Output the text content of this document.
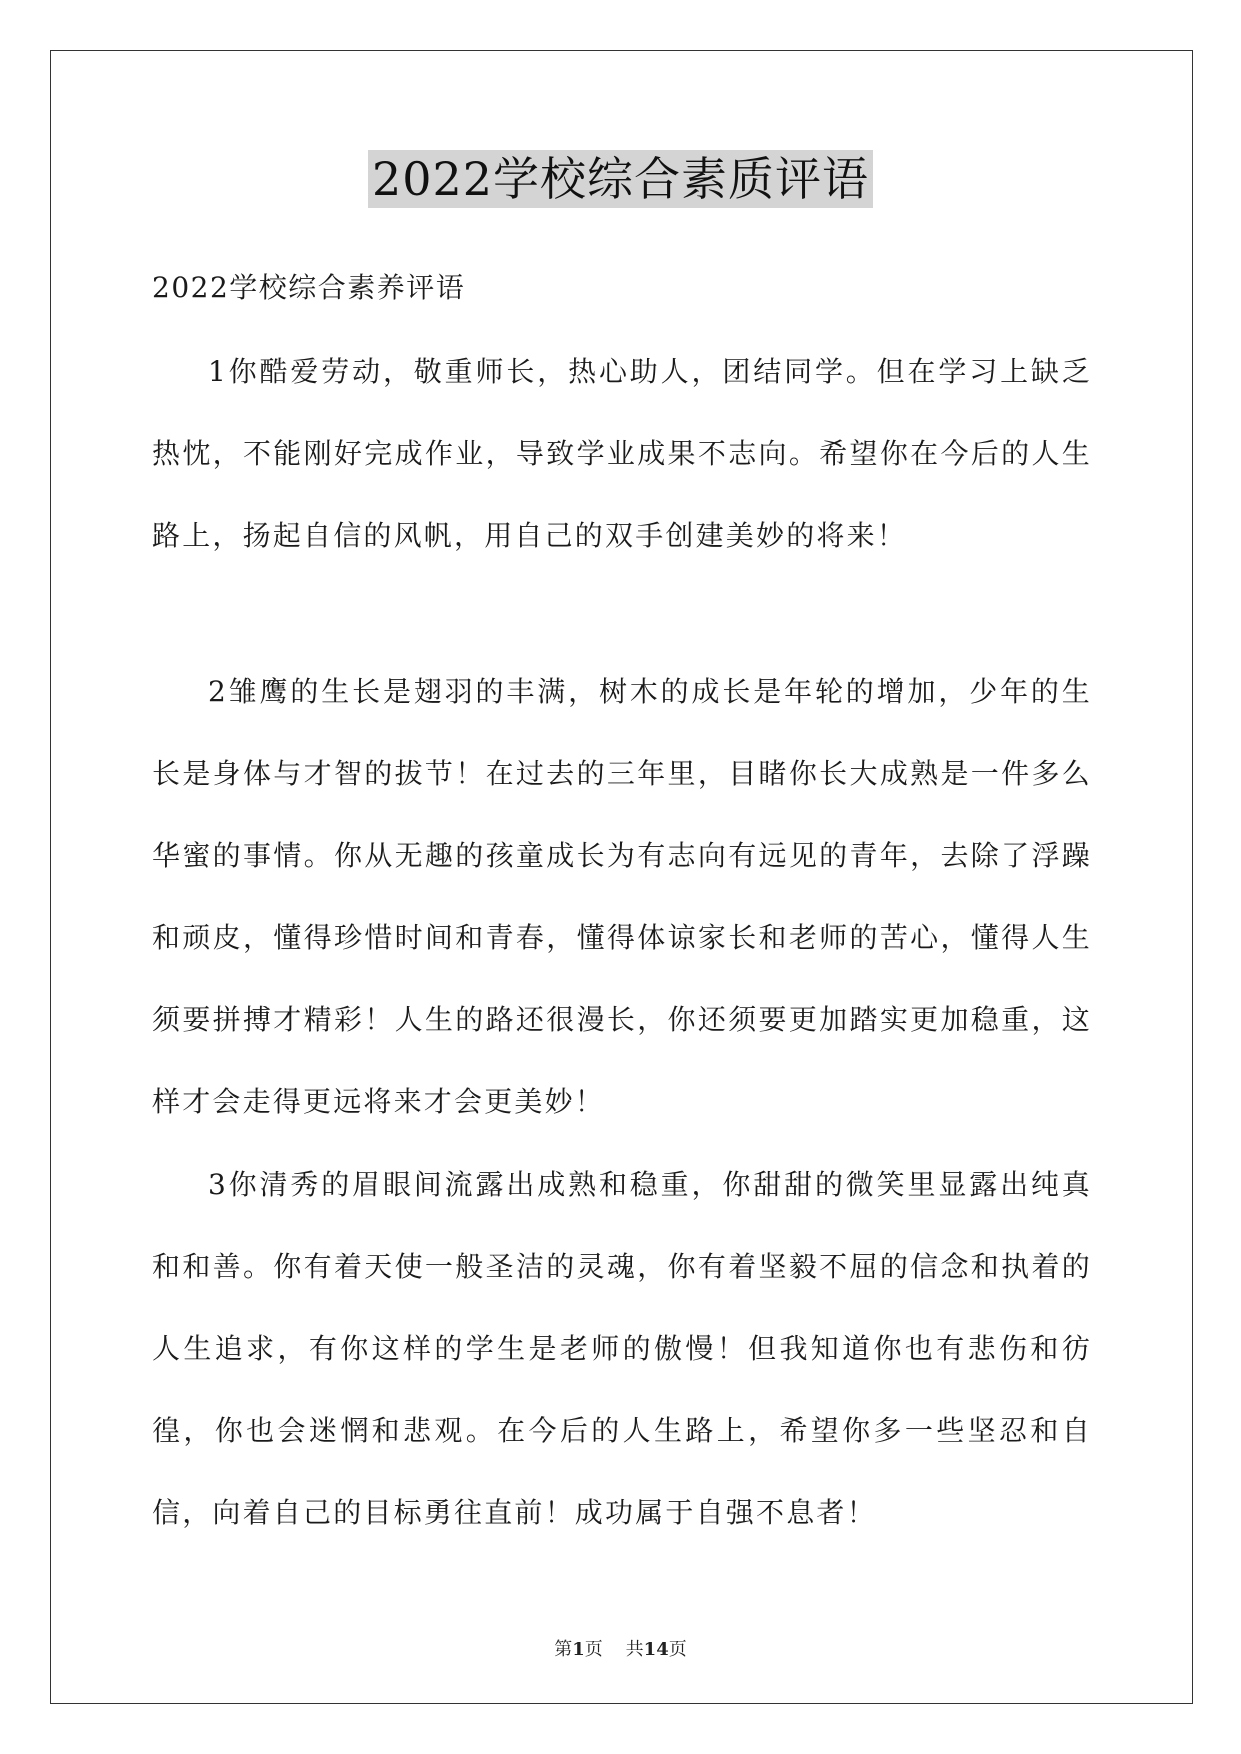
2022学校综合素质评语
2022学校综合素养评语

1你酷爱劳动，敬重师长，热心助人，团结同学。但在学习上缺乏热忱，不能刚好完成作业，导致学业成果不志向。希望你在今后的人生路上，扬起自信的风帆，用自己的双手创建美妙的将来！

2雏鹰的生长是翅羽的丰满，树木的成长是年轮的增加，少年的生长是身体与才智的拔节！在过去的三年里，目睹你长大成熟是一件多么华蜜的事情。你从无趣的孩童成长为有志向有远见的青年，去除了浮躁和顽皮，懂得珍惜时间和青春，懂得体谅家长和老师的苦心，懂得人生须要拼搏才精彩！人生的路还很漫长，你还须要更加踏实更加稳重，这样才会走得更远将来才会更美妙！

3你清秀的眉眼间流露出成熟和稳重，你甜甜的微笑里显露出纯真和和善。你有着天使一般圣洁的灵魂，你有着坚毅不屈的信念和执着的人生追求，有你这样的学生是老师的傲慢！但我知道你也有悲伤和彷徨，你也会迷惘和悲观。在今后的人生路上，希望你多一些坚忍和自信，向着自己的目标勇往直前！成功属于自强不息者！

第1页 共14页
